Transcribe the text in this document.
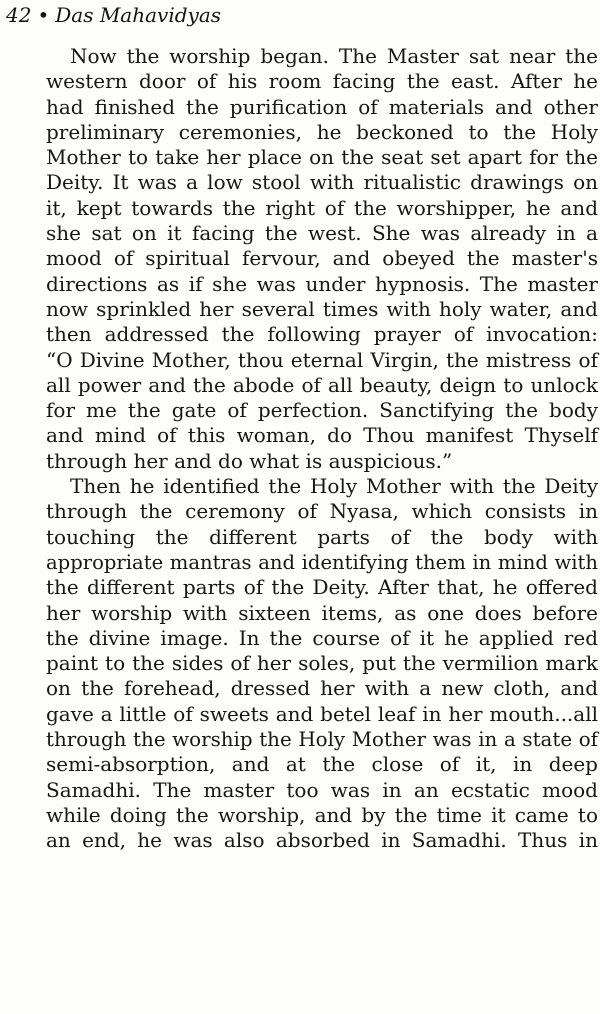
42 • Das Mahavidyas
Now the worship began. The Master sat near the
western door of his room facing the east. After he
had finished the purification of materials and other
preliminary ceremonies, he beckoned to the Holy
Mother to take her place on the seat set apart for the
Deity. It was a low stool with ritualistic drawings on
it, kept towards the right of the worshipper, he and
she sat on it facing the west. She was already in a
mood of spiritual fervour, and obeyed the master's
directions as if she was under hypnosis. The master
now sprinkled her several times with holy water, and
then addressed the following prayer of invocation:
“O Divine Mother, thou eternal Virgin, the mistress of
all power and the abode of all beauty, deign to unlock
for me the gate of perfection. Sanctifying the body
and mind of this woman, do Thou manifest Thyself
through her and do what is auspicious.”
Then he identified the Holy Mother with the Deity
through the ceremony of Nyasa, which consists in
touching the different parts of the body with
appropriate mantras and identifying them in mind with
the different parts of the Deity. After that, he offered
her worship with sixteen items, as one does before
the divine image. In the course of it he applied red
paint to the sides of her soles, put the vermilion mark
on the forehead, dressed her with a new cloth, and
gave a little of sweets and betel leaf in her mouth...all
through the worship the Holy Mother was in a state of
semi-absorption, and at the close of it, in deep
Samadhi. The master too was in an ecstatic mood
while doing the worship, and by the time it came to
an end, he was also absorbed in Samadhi. Thus in
